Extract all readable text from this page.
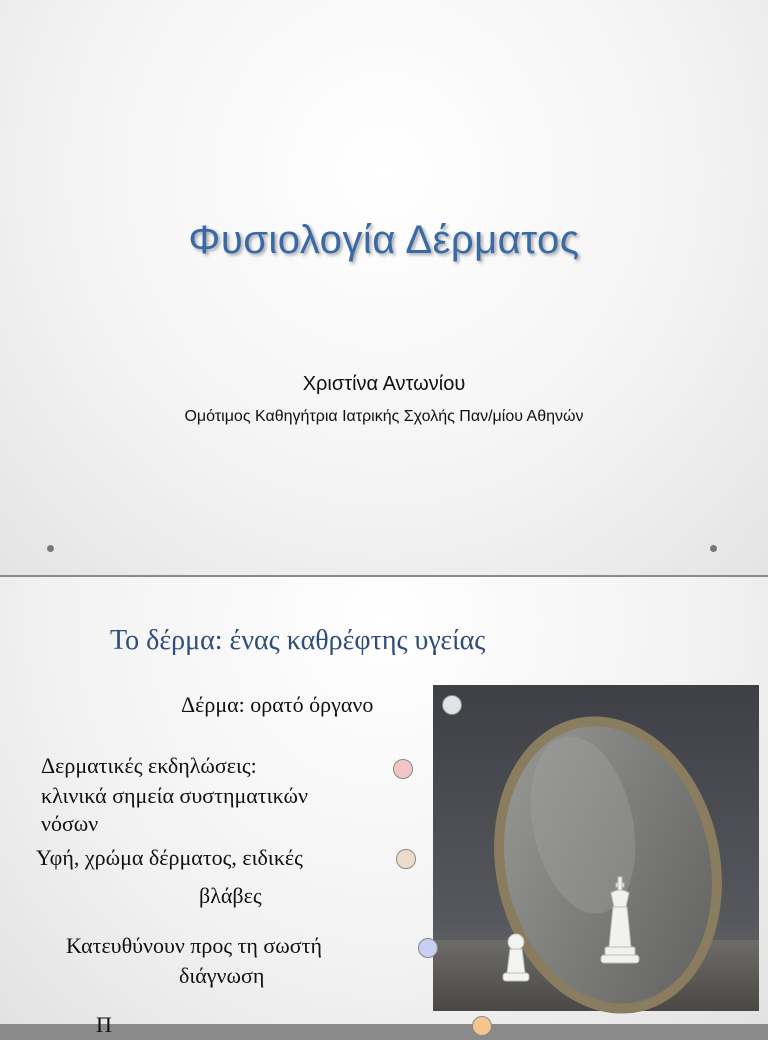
Φυσιολογία Δέρματος
Χριστίνα Αντωνίου
Ομότιμος Καθηγήτρια Ιατρικής Σχολής Παν/μίου Αθηνών
Το δέρμα: ένας καθρέφτης υγείας
Δέρμα: ορατό όργανο
Δερματικές εκδηλώσεις:
κλινικά σημεία συστηματικών
νόσων
Υφή, χρώμα δέρματος, ειδικές
βλάβες
Κατευθύνουν προς τη σωστή
διάγνωση
Π
